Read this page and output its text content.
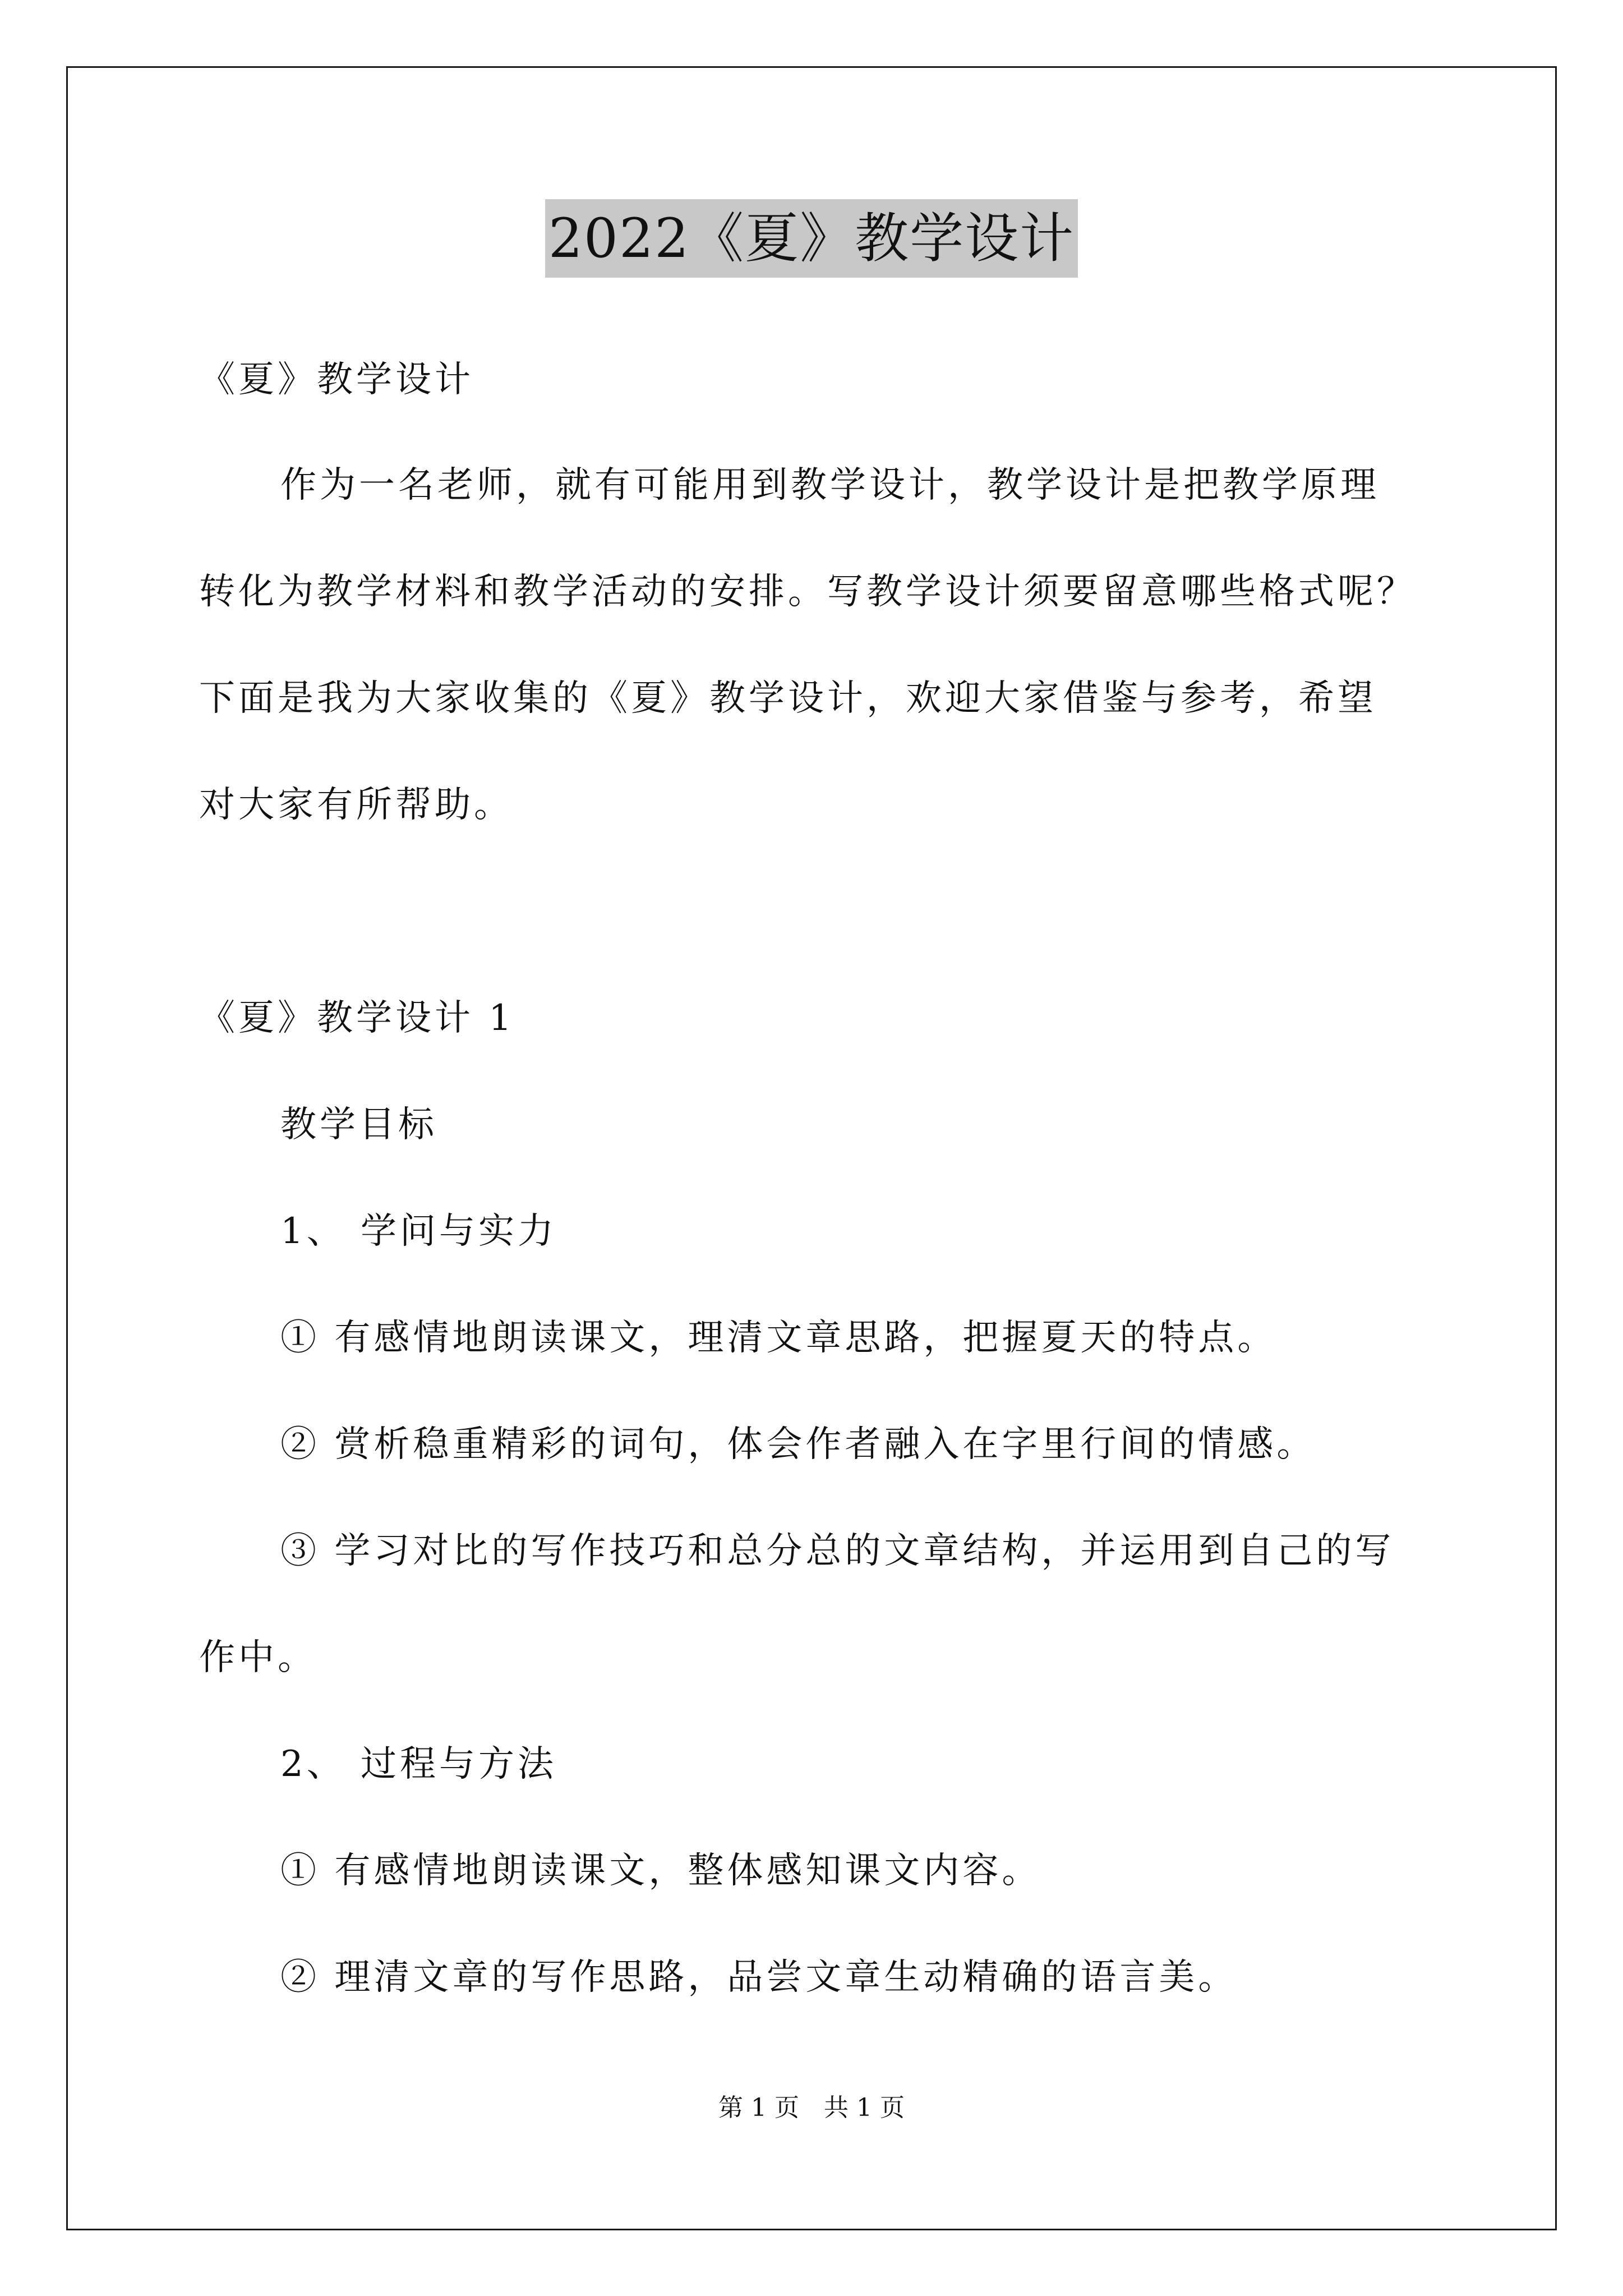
2022《夏》教学设计
《夏》教学设计
作为一名老师，就有可能用到教学设计，教学设计是把教学原理
转化为教学材料和教学活动的安排。写教学设计须要留意哪些格式呢？
下面是我为大家收集的《夏》教学设计，欢迎大家借鉴与参考，希望
对大家有所帮助。
《夏》教学设计 1
教学目标
1、 学问与实力
① 有感情地朗读课文，理清文章思路，把握夏天的特点。
② 赏析稳重精彩的词句，体会作者融入在字里行间的情感。
③ 学习对比的写作技巧和总分总的文章结构，并运用到自己的写
作中。
2、 过程与方法
① 有感情地朗读课文，整体感知课文内容。
② 理清文章的写作思路，品尝文章生动精确的语言美。
第 1 页　共 1 页
